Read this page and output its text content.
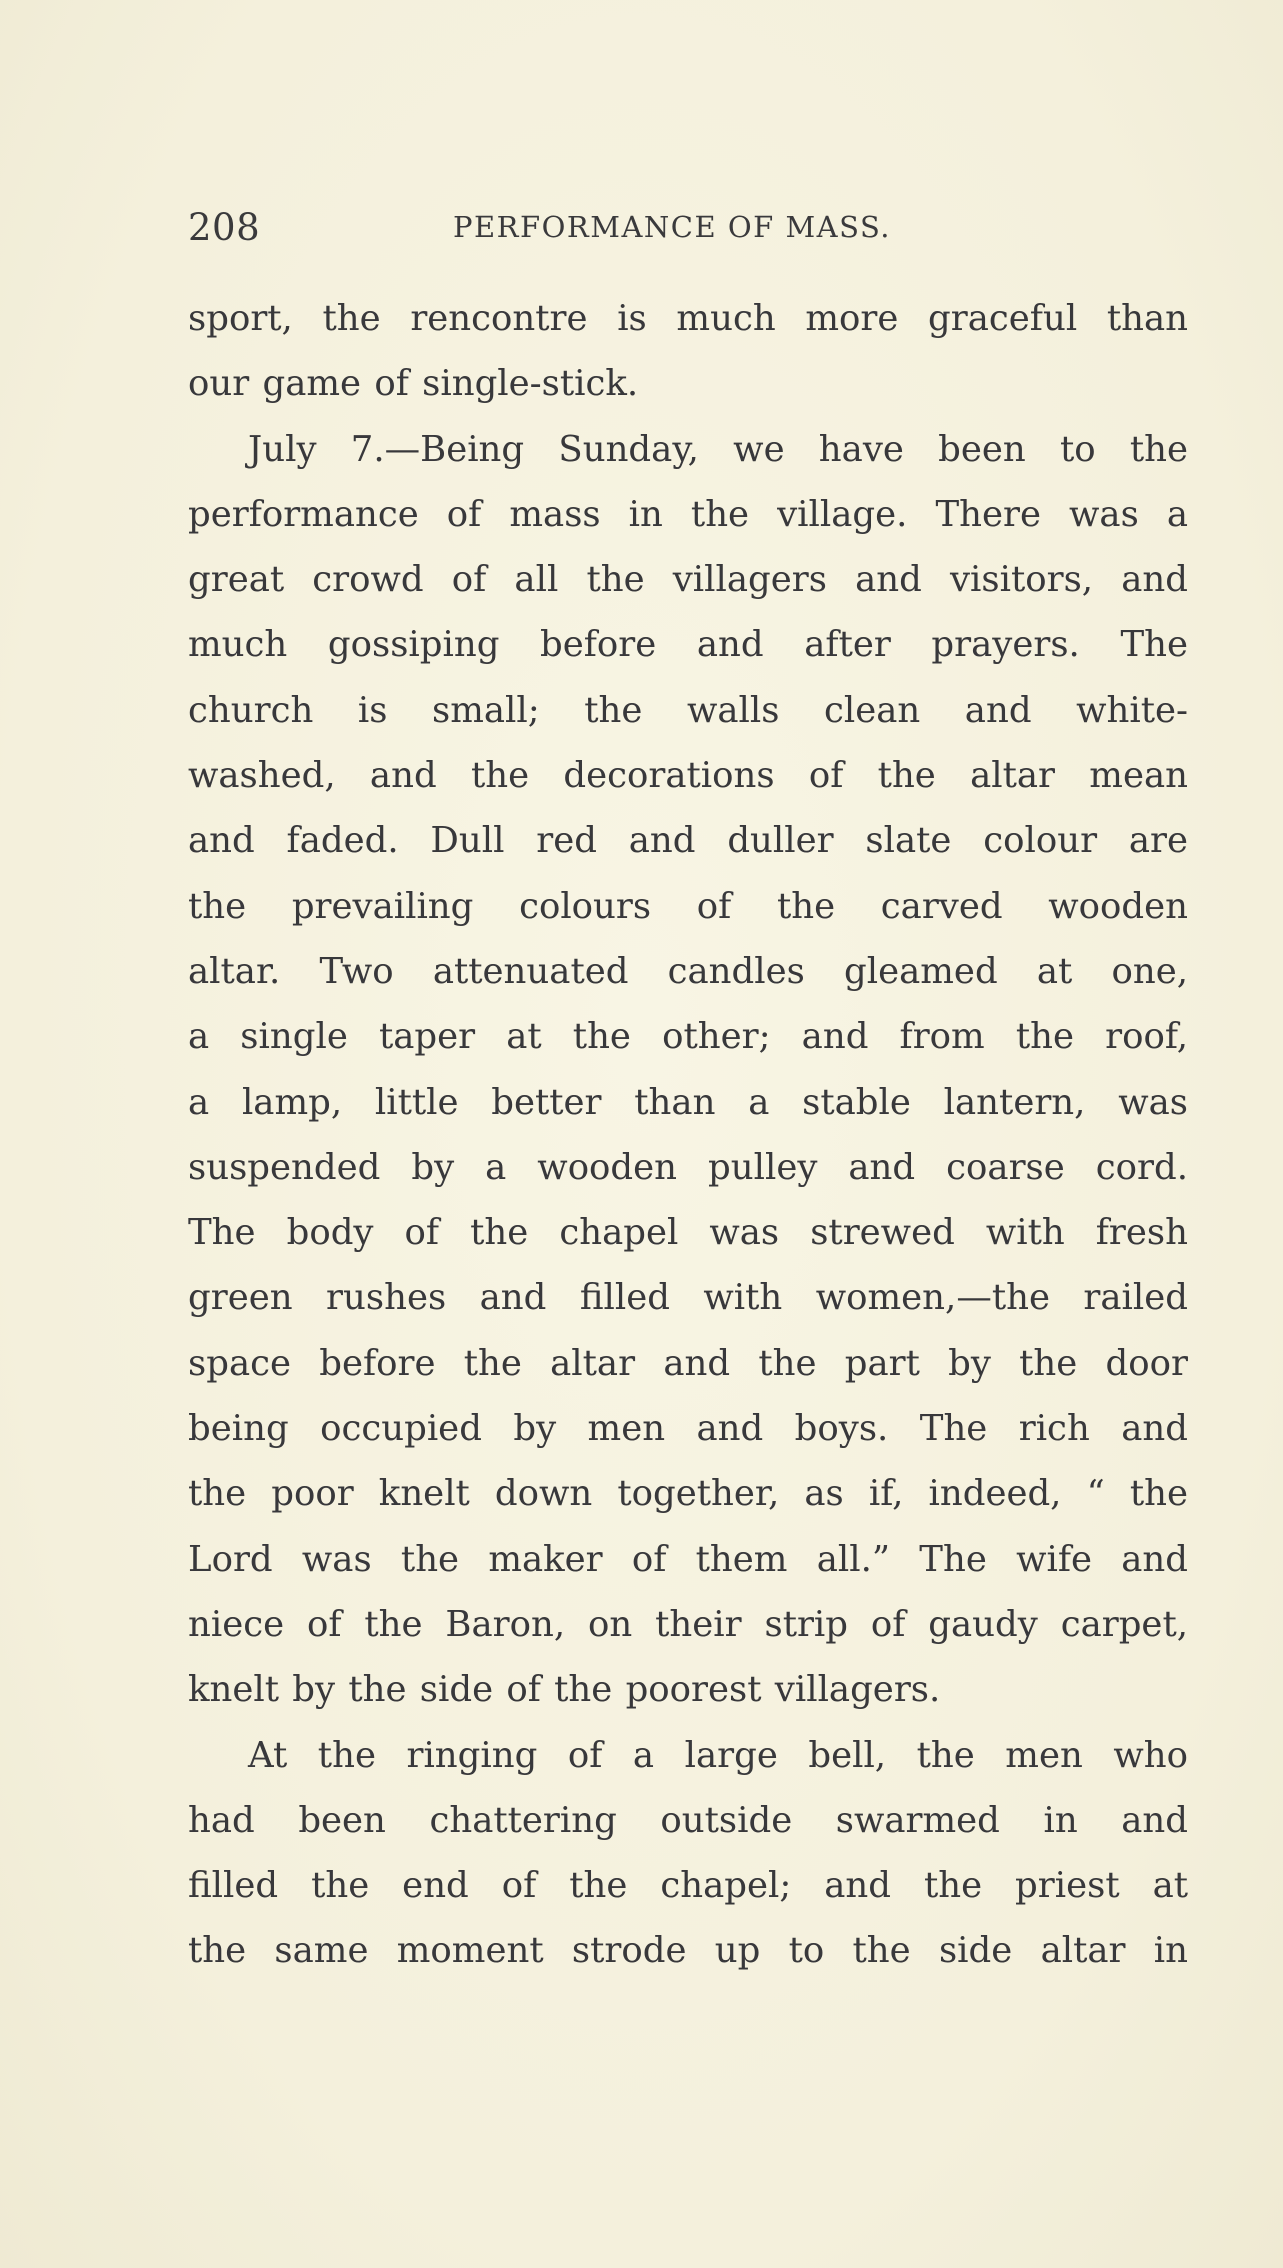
208	PERFORMANCE OF MASS.
sport, the rencontre is much more graceful than
our game of single-stick.
July 7.—Being Sunday, we have been to the
performance of mass in the village. There was a
great crowd of all the villagers and visitors, and
much gossiping before and after prayers. The
church is small; the walls clean and white-
washed, and the decorations of the altar mean
and faded. Dull red and duller slate colour are
the prevailing colours of the carved wooden
altar. Two attenuated candles gleamed at one,
a single taper at the other; and from the roof,
a lamp, little better than a stable lantern, was
suspended by a wooden pulley and coarse cord.
The body of the chapel was strewed with fresh
green rushes and filled with women,—the railed
space before the altar and the part by the door
being occupied by men and boys. The rich and
the poor knelt down together, as if, indeed, “ the
Lord was the maker of them all.” The wife and
niece of the Baron, on their strip of gaudy carpet,
knelt by the side of the poorest villagers.
At the ringing of a large bell, the men who
had been chattering outside swarmed in and
filled the end of the chapel; and the priest at
the same moment strode up to the side altar in
